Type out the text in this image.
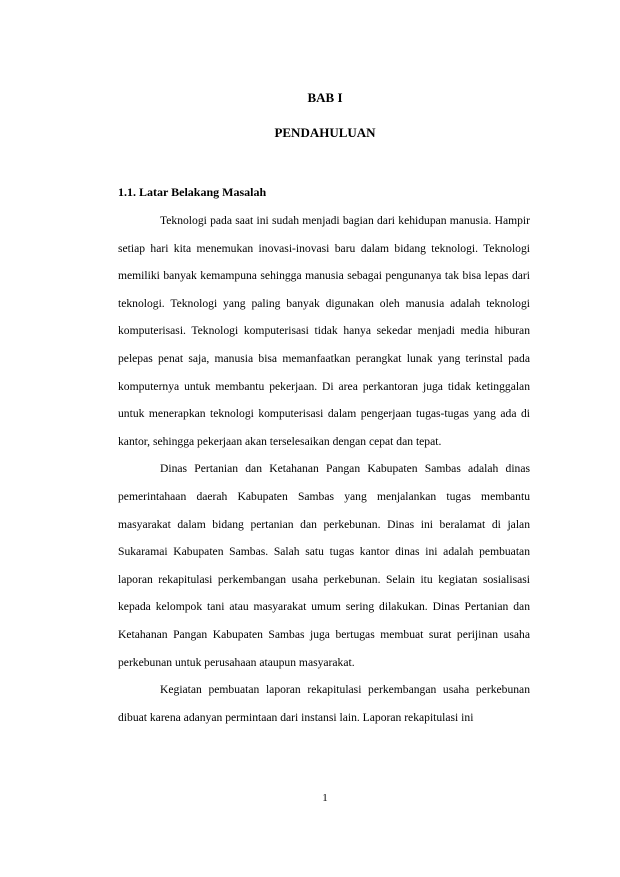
BAB I
PENDAHULUAN
1.1. Latar Belakang Masalah

Teknologi pada saat ini sudah menjadi bagian dari kehidupan manusia. Hampir setiap hari kita menemukan inovasi-inovasi baru dalam bidang teknologi. Teknologi memiliki banyak kemampuna sehingga manusia sebagai pengunanya tak bisa lepas dari teknologi. Teknologi yang paling banyak digunakan oleh manusia adalah teknologi komputerisasi. Teknologi komputerisasi tidak hanya sekedar menjadi media hiburan pelepas penat saja, manusia bisa memanfaatkan perangkat lunak yang terinstal pada komputernya untuk membantu pekerjaan. Di area perkantoran juga tidak ketinggalan untuk menerapkan teknologi komputerisasi dalam pengerjaan tugas-tugas yang ada di kantor, sehingga pekerjaan akan terselesaikan dengan cepat dan tepat.

Dinas Pertanian dan Ketahanan Pangan Kabupaten Sambas adalah dinas pemerintahaan daerah Kabupaten Sambas yang menjalankan tugas membantu masyarakat dalam bidang pertanian dan perkebunan. Dinas ini beralamat di jalan Sukaramai Kabupaten Sambas. Salah satu tugas kantor dinas ini adalah pembuatan laporan rekapitulasi perkembangan usaha perkebunan. Selain itu kegiatan sosialisasi kepada kelompok tani atau masyarakat umum sering dilakukan. Dinas Pertanian dan Ketahanan Pangan Kabupaten Sambas juga bertugas membuat surat perijinan usaha perkebunan untuk perusahaan ataupun masyarakat.

Kegiatan pembuatan laporan rekapitulasi perkembangan usaha perkebunan dibuat karena adanyan permintaan dari instansi lain. Laporan rekapitulasi ini

1
